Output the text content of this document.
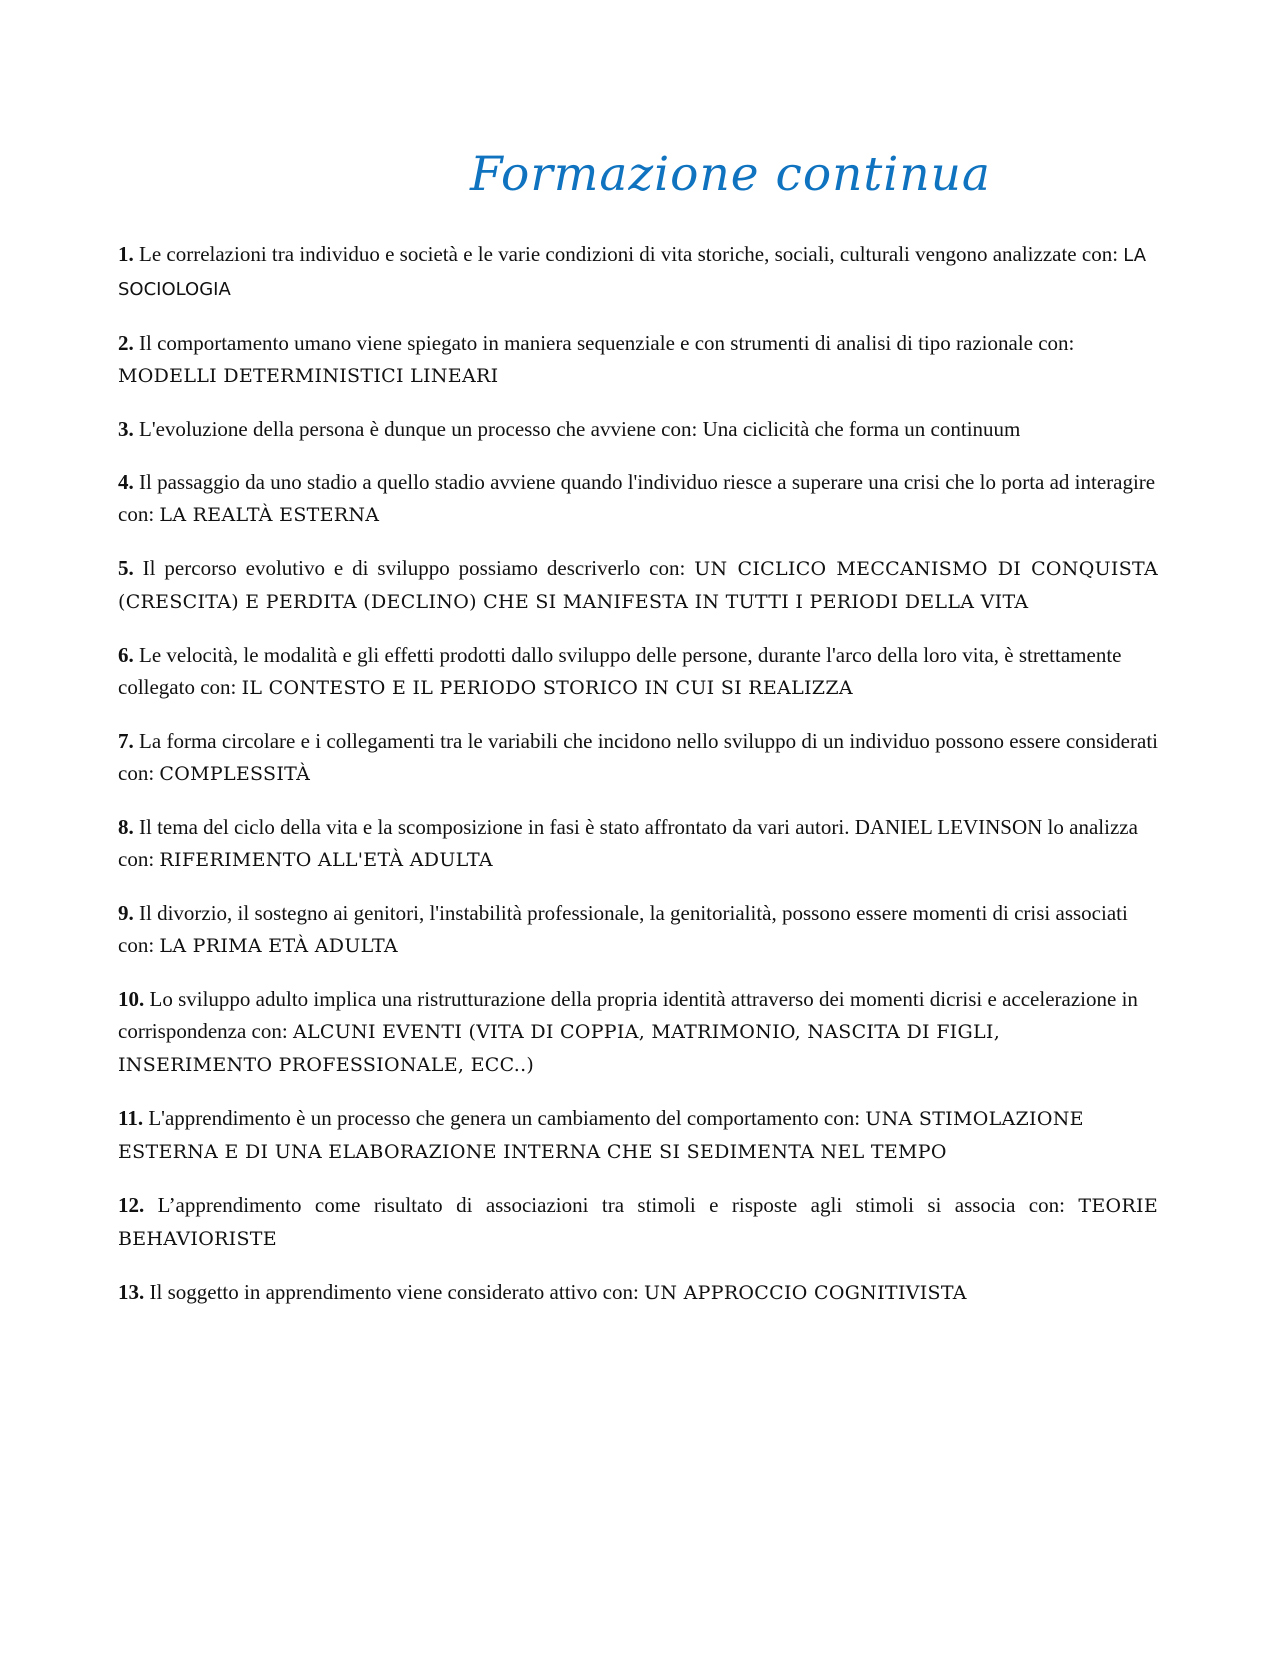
Formazione continua
1. Le correlazioni tra individuo e società e le varie condizioni di vita storiche, sociali, culturali vengono analizzate con: LA SOCIOLOGIA
2. Il comportamento umano viene spiegato in maniera sequenziale e con strumenti di analisi di tipo razionale con: MODELLI DETERMINISTICI LINEARI
3. L'evoluzione della persona è dunque un processo che avviene con: Una ciclicità che forma un continuum
4. Il passaggio da uno stadio a quello stadio avviene quando l'individuo riesce a superare una crisi che lo porta ad interagire con: LA REALTÀ ESTERNA
5. Il percorso evolutivo e di sviluppo possiamo descriverlo con: UN CICLICO MECCANISMO DI CONQUISTA (CRESCITA) E PERDITA (DECLINO) CHE SI MANIFESTA IN TUTTI I PERIODI DELLA VITA
6. Le velocità, le modalità e gli effetti prodotti dallo sviluppo delle persone, durante l'arco della loro vita, è strettamente collegato con: IL CONTESTO E IL PERIODO STORICO IN CUI SI REALIZZA
7. La forma circolare e i collegamenti tra le variabili che incidono nello sviluppo di un individuo possono essere considerati con: COMPLESSITÀ
8. Il tema del ciclo della vita e la scomposizione in fasi è stato affrontato da vari autori. DANIEL LEVINSON lo analizza con: RIFERIMENTO ALL'ETÀ ADULTA
9. Il divorzio, il sostegno ai genitori, l'instabilità professionale, la genitorialità, possono essere momenti di crisi associati con: LA PRIMA ETÀ ADULTA
10. Lo sviluppo adulto implica una ristrutturazione della propria identità attraverso dei momenti dicrisi e accelerazione in corrispondenza con: ALCUNI EVENTI (VITA DI COPPIA, MATRIMONIO, NASCITA DI FIGLI, INSERIMENTO PROFESSIONALE, ECC..)
11. L'apprendimento è un processo che genera un cambiamento del comportamento con: UNA STIMOLAZIONE ESTERNA E DI UNA ELABORAZIONE INTERNA CHE SI SEDIMENTA NEL TEMPO
12. L’apprendimento come risultato di associazioni tra stimoli e risposte agli stimoli si associa con: TEORIE BEHAVIORISTE
13. Il soggetto in apprendimento viene considerato attivo con: UN APPROCCIO COGNITIVISTA
